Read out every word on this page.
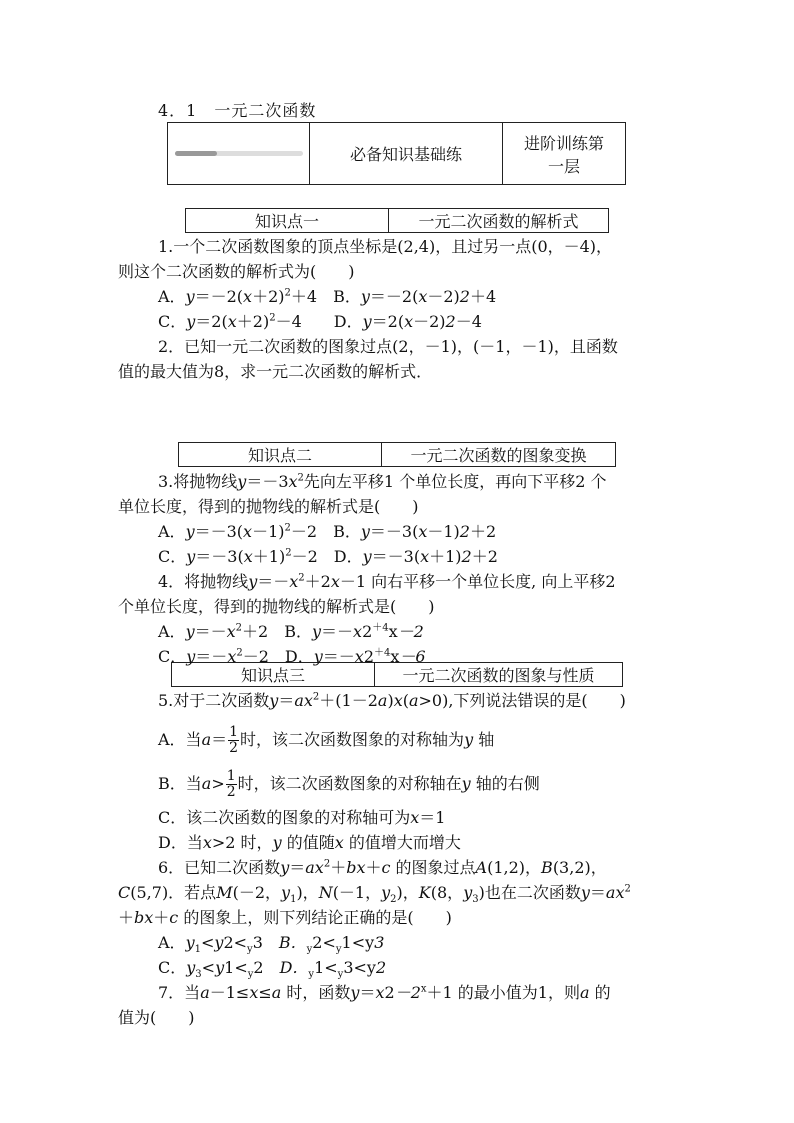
4．1　一元二次函数
	必备知识基础练	
进阶训练第
一层
知识点一	一元二次函数的解析式
知识点二	一元二次函数的图象变换
知识点三	一元二次函数的图象与性质
1.一个二次函数图象的顶点坐标是(2,4)，且过另一点(0，－4)，
则这个二次函数的解析式为(　　)
A．$y=-2(x+2)^2+4$　B．y＝－2(x－2)2＋4
C．$y=2(x+2)^2-4$　　D．y＝2(x－2)2－4
2．已知一元二次函数的图象过点(2，－1)，(－1，－1)，且函数
值的最大值为8，求一元二次函数的解析式．
3.将抛物线$y=-3x^2$先向左平移1 个单位长度，再向下平移2 个
单位长度，得到的抛物线的解析式是(　　)
A．$y=-3(x-1)^2-2$　B．y＝－3(x－1)2＋2
C．$y=-3(x+1)^2-2$　D．y＝－3(x＋1)2＋2
4．将抛物线$y=-x^2+2x-1$ 向右平移一个单位长度, 向上平移2
个单位长度，得到的抛物线的解析式是(　　)
A．$y=-x^2+2$　B．$y=-x2^{+4}x-2$
C．$y=-x^2-2$　D．$y=-x2^{+4}x-6$
5.对于二次函数$y=ax^2+(1-2a)x(a>0)$,下列说法错误的是(　　)
A．当$a= \frac{1}{2}$ 时，该二次函数图象的对称轴为y 轴
B．当$a> \frac{1}{2}$ 时，该二次函数图象的对称轴在y 轴的右侧
C．该二次函数的图象的对称轴可为x＝1
D．当x>2 时，y 的值随x 的值增大而增大
6．已知二次函数$y=ax^2+bx+c$ 的图象过点A(1,2)，B(3,2)，
C(5,7)．若点M(－2，$y_1$)，N(－1，$y_2$)，K(8，$y_3$)也在二次函数$y=ax^2$
＋bx＋c 的图象上，则下列结论正确的是(　　)
A．$y_1<y2<_y3$　B．$_y2<_y1<y3$
C．$y_3<y1<_y2$　D．$_y1<_y3<y2$
7．当a－1≤x≤a 时，函数$y=x2-2^x+1$ 的最小值为1，则a 的
值为(　　)
